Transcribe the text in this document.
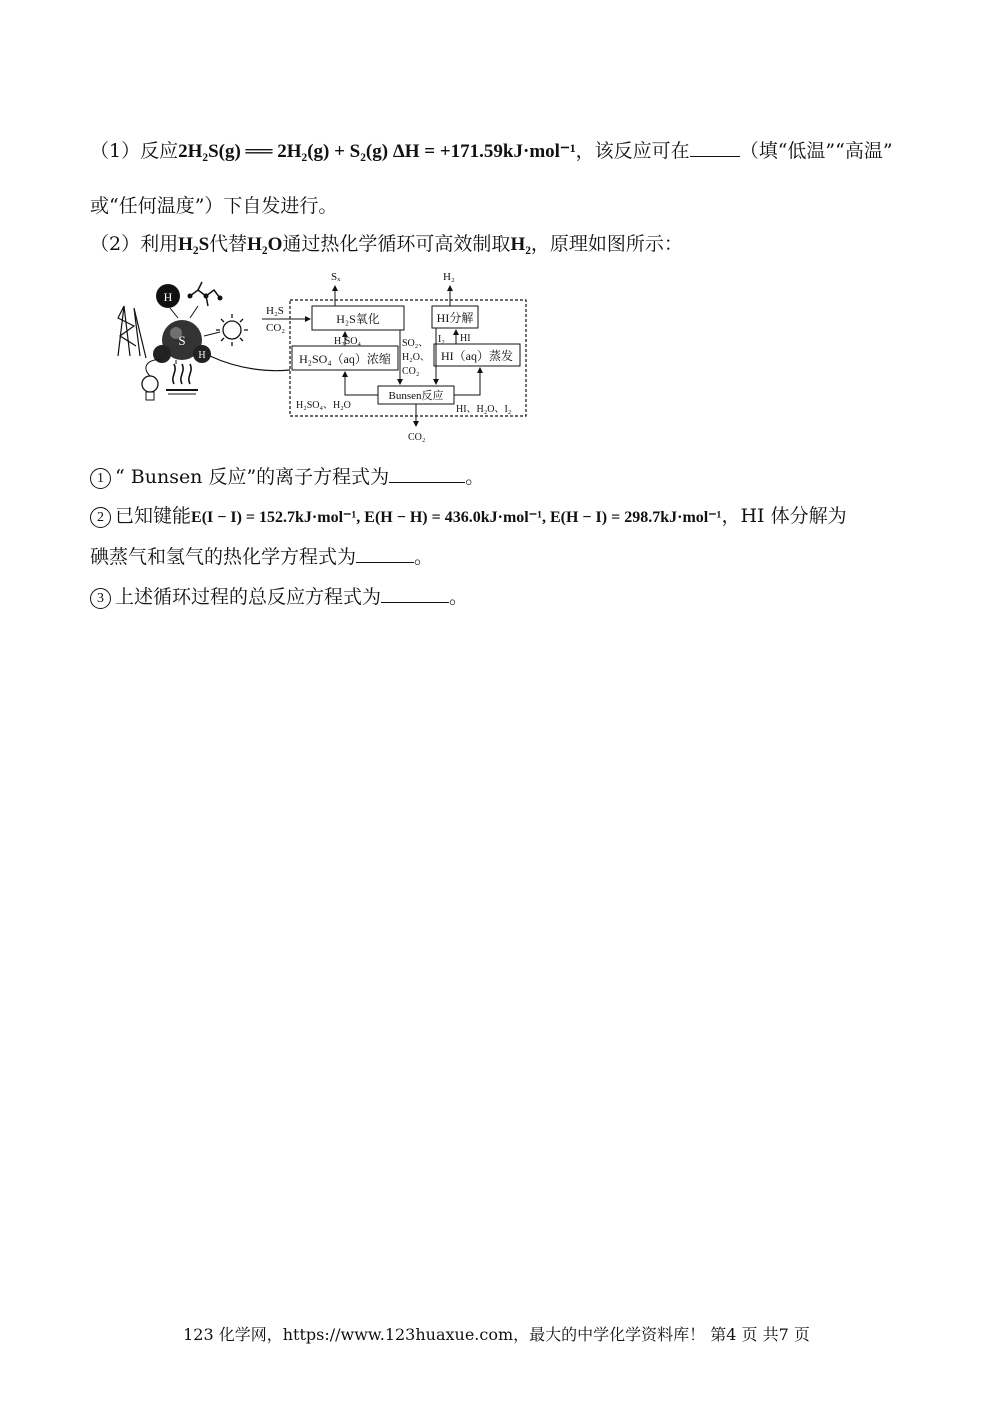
（1）反应2H₂S(g) ══ 2H₂(g) + S₂(g) ΔH = +171.59kJ·mol⁻¹，该反应可在	（填“低温”“高温”
或“任何温度”）下自发进行。
（2）利用H₂S代替H₂O通过热化学循环可高效制取H₂，原理如图所示：
H
S
H
Sₓ	H₂
H₂S
CO₂
H₂S氧化	HI分解
H₂SO₄（aq）浓缩	HI（aq）蒸发
Bunsen反应
H₂SO₄	SO₂、
H₂O、
CO₂
I₂ HI
H₂SO₄、H₂O	HI、H₂O、I₂
CO₂
1 “ Bunsen 反应”的离子方程式为	。
2 已知键能E(I − I) = 152.7kJ·mol⁻¹, E(H − H) = 436.0kJ·mol⁻¹, E(H − I) = 298.7kJ·mol⁻¹，HI 体分解为
碘蒸气和氢气的热化学方程式为	。
3 上述循环过程的总反应方程式为	。
123 化学网，https://www.123huaxue.com，最大的中学化学资料库！ 第4 页 共7 页
